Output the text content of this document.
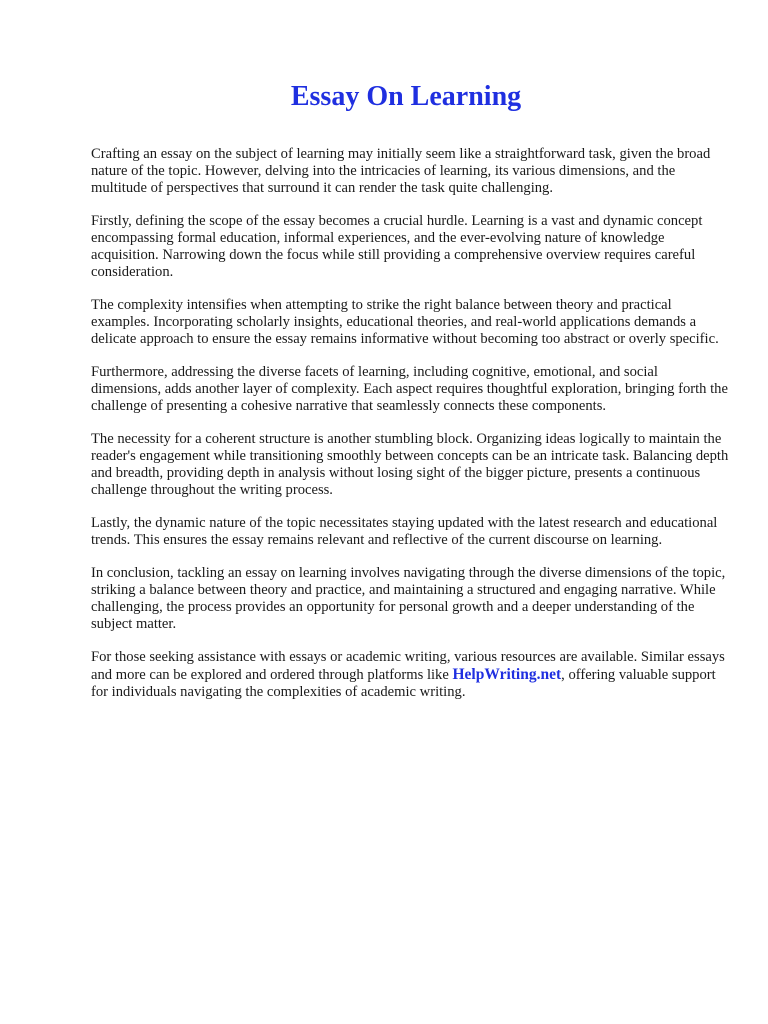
Essay On Learning

Crafting an essay on the subject of learning may initially seem like a straightforward task, given the broad nature of the topic. However, delving into the intricacies of learning, its various dimensions, and the multitude of perspectives that surround it can render the task quite challenging.

Firstly, defining the scope of the essay becomes a crucial hurdle. Learning is a vast and dynamic concept encompassing formal education, informal experiences, and the ever-evolving nature of knowledge acquisition. Narrowing down the focus while still providing a comprehensive overview requires careful consideration.

The complexity intensifies when attempting to strike the right balance between theory and practical examples. Incorporating scholarly insights, educational theories, and real-world applications demands a delicate approach to ensure the essay remains informative without becoming too abstract or overly specific.

Furthermore, addressing the diverse facets of learning, including cognitive, emotional, and social dimensions, adds another layer of complexity. Each aspect requires thoughtful exploration, bringing forth the challenge of presenting a cohesive narrative that seamlessly connects these components.

The necessity for a coherent structure is another stumbling block. Organizing ideas logically to maintain the reader's engagement while transitioning smoothly between concepts can be an intricate task. Balancing depth and breadth, providing depth in analysis without losing sight of the bigger picture, presents a continuous challenge throughout the writing process.

Lastly, the dynamic nature of the topic necessitates staying updated with the latest research and educational trends. This ensures the essay remains relevant and reflective of the current discourse on learning.

In conclusion, tackling an essay on learning involves navigating through the diverse dimensions of the topic, striking a balance between theory and practice, and maintaining a structured and engaging narrative. While challenging, the process provides an opportunity for personal growth and a deeper understanding of the subject matter.

For those seeking assistance with essays or academic writing, various resources are available. Similar essays and more can be explored and ordered through platforms like HelpWriting.net, offering valuable support for individuals navigating the complexities of academic writing.
